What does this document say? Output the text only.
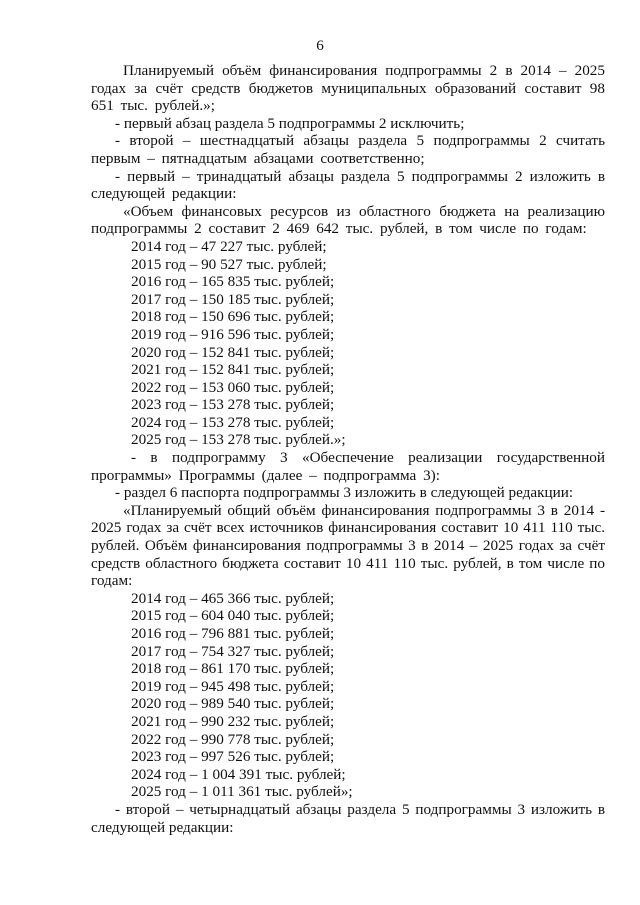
6

Планируемый объём финансирования подпрограммы 2 в 2014 – 2025 годах за счёт средств бюджетов муниципальных образований составит 98 651 тыс. рублей.»;

- первый абзац раздела 5 подпрограммы 2 исключить;

- второй – шестнадцатый абзацы раздела 5 подпрограммы 2 считать первым – пятнадцатым абзацами соответственно;

- первый – тринадцатый абзацы раздела 5 подпрограммы 2 изложить в следующей редакции:

«Объем финансовых ресурсов из областного бюджета на реализацию подпрограммы 2 составит 2 469 642 тыс. рублей, в том числе по годам:

2014 год – 47 227 тыс. рублей;
2015 год – 90 527 тыс. рублей;
2016 год – 165 835 тыс. рублей;
2017 год – 150 185 тыс. рублей;
2018 год – 150 696 тыс. рублей;
2019 год – 916 596 тыс. рублей;
2020 год – 152 841 тыс. рублей;
2021 год – 152 841 тыс. рублей;
2022 год – 153 060 тыс. рублей;
2023 год – 153 278 тыс. рублей;
2024 год – 153 278 тыс. рублей;
2025 год – 153 278 тыс. рублей.»;

- в подпрограмму 3 «Обеспечение реализации государственной программы» Программы (далее – подпрограмма 3):

- раздел 6 паспорта подпрограммы 3 изложить в следующей редакции:

«Планируемый общий объём финансирования подпрограммы 3 в 2014 - 2025 годах за счёт всех источников финансирования составит 10 411 110 тыс. рублей. Объём финансирования подпрограммы 3 в 2014 – 2025 годах за счёт средств областного бюджета составит 10 411 110 тыс. рублей, в том числе по годам:

2014 год – 465 366 тыс. рублей;
2015 год – 604 040 тыс. рублей;
2016 год – 796 881 тыс. рублей;
2017 год – 754 327 тыс. рублей;
2018 год – 861 170 тыс. рублей;
2019 год – 945 498 тыс. рублей;
2020 год – 989 540 тыс. рублей;
2021 год – 990 232 тыс. рублей;
2022 год – 990 778 тыс. рублей;
2023 год – 997 526 тыс. рублей;
2024 год – 1 004 391 тыс. рублей;
2025 год – 1 011 361 тыс. рублей»;

- второй – четырнадцатый абзацы раздела 5 подпрограммы 3 изложить в следующей редакции:
